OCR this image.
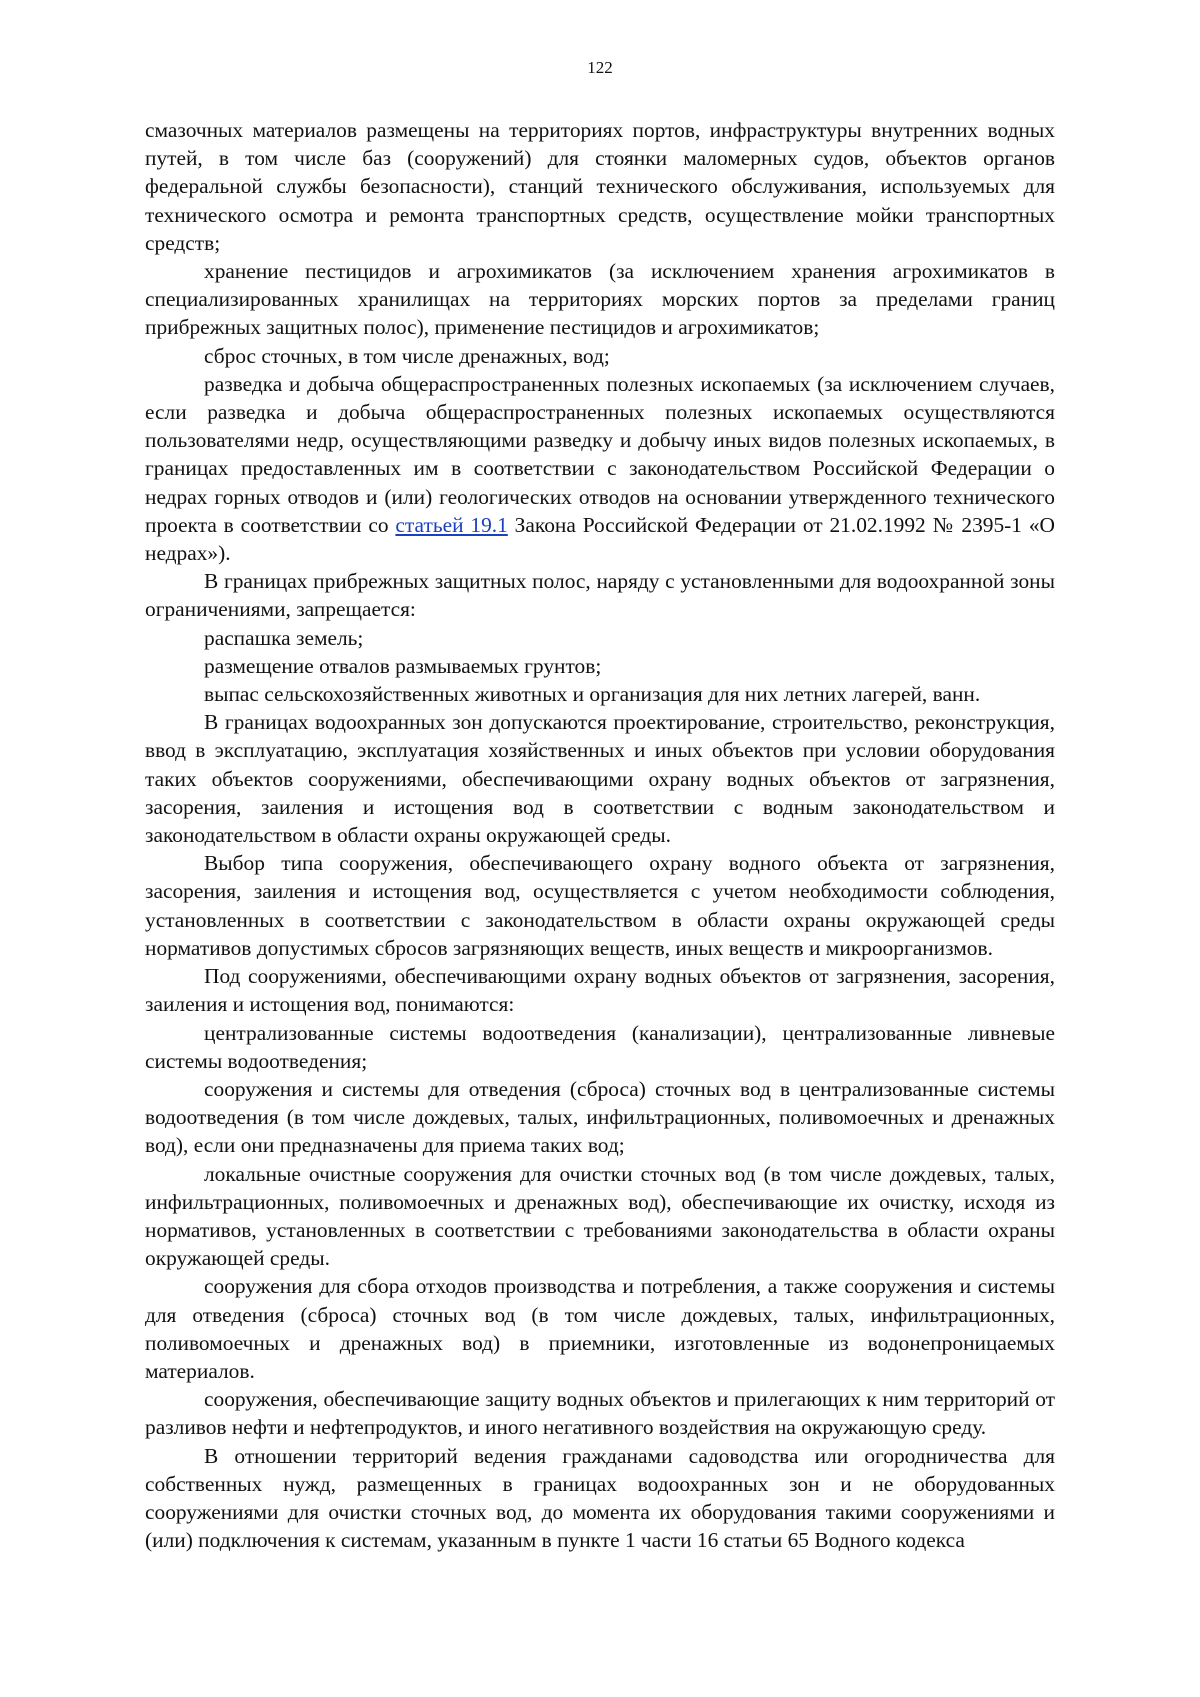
122

смазочных материалов размещены на территориях портов, инфраструктуры внутренних водных путей, в том числе баз (сооружений) для стоянки маломерных судов, объектов органов федеральной службы безопасности), станций технического обслуживания, используемых для технического осмотра и ремонта транспортных средств, осуществление мойки транспортных средств;

хранение пестицидов и агрохимикатов (за исключением хранения агрохимикатов в специализированных хранилищах на территориях морских портов за пределами границ прибрежных защитных полос), применение пестицидов и агрохимикатов;

сброс сточных, в том числе дренажных, вод;

разведка и добыча общераспространенных полезных ископаемых (за исключением случаев, если разведка и добыча общераспространенных полезных ископаемых осуществляются пользователями недр, осуществляющими разведку и добычу иных видов полезных ископаемых, в границах предоставленных им в соответствии с законодательством Российской Федерации о недрах горных отводов и (или) геологических отводов на основании утвержденного технического проекта в соответствии со статьей 19.1 Закона Российской Федерации от 21.02.1992 № 2395-1 «О недрах»).

В границах прибрежных защитных полос, наряду с установленными для водоохранной зоны ограничениями, запрещается:

распашка земель;

размещение отвалов размываемых грунтов;

выпас сельскохозяйственных животных и организация для них летних лагерей, ванн.

В границах водоохранных зон допускаются проектирование, строительство, реконструкция, ввод в эксплуатацию, эксплуатация хозяйственных и иных объектов при условии оборудования таких объектов сооружениями, обеспечивающими охрану водных объектов от загрязнения, засорения, заиления и истощения вод в соответствии с водным законодательством и законодательством в области охраны окружающей среды.

Выбор типа сооружения, обеспечивающего охрану водного объекта от загрязнения, засорения, заиления и истощения вод, осуществляется с учетом необходимости соблюдения, установленных в соответствии с законодательством в области охраны окружающей среды нормативов допустимых сбросов загрязняющих веществ, иных веществ и микроорганизмов.

Под сооружениями, обеспечивающими охрану водных объектов от загрязнения, засорения, заиления и истощения вод, понимаются:

централизованные системы водоотведения (канализации), централизованные ливневые системы водоотведения;

сооружения и системы для отведения (сброса) сточных вод в централизованные системы водоотведения (в том числе дождевых, талых, инфильтрационных, поливомоечных и дренажных вод), если они предназначены для приема таких вод;

локальные очистные сооружения для очистки сточных вод (в том числе дождевых, талых, инфильтрационных, поливомоечных и дренажных вод), обеспечивающие их очистку, исходя из нормативов, установленных в соответствии с требованиями законодательства в области охраны окружающей среды.

сооружения для сбора отходов производства и потребления, а также сооружения и системы для отведения (сброса) сточных вод (в том числе дождевых, талых, инфильтрационных, поливомоечных и дренажных вод) в приемники, изготовленные из водонепроницаемых материалов.

сооружения, обеспечивающие защиту водных объектов и прилегающих к ним территорий от разливов нефти и нефтепродуктов, и иного негативного воздействия на окружающую среду.

В отношении территорий ведения гражданами садоводства или огородничества для собственных нужд, размещенных в границах водоохранных зон и не оборудованных сооружениями для очистки сточных вод, до момента их оборудования такими сооружениями и (или) подключения к системам, указанным в пункте 1 части 16 статьи 65 Водного кодекса
